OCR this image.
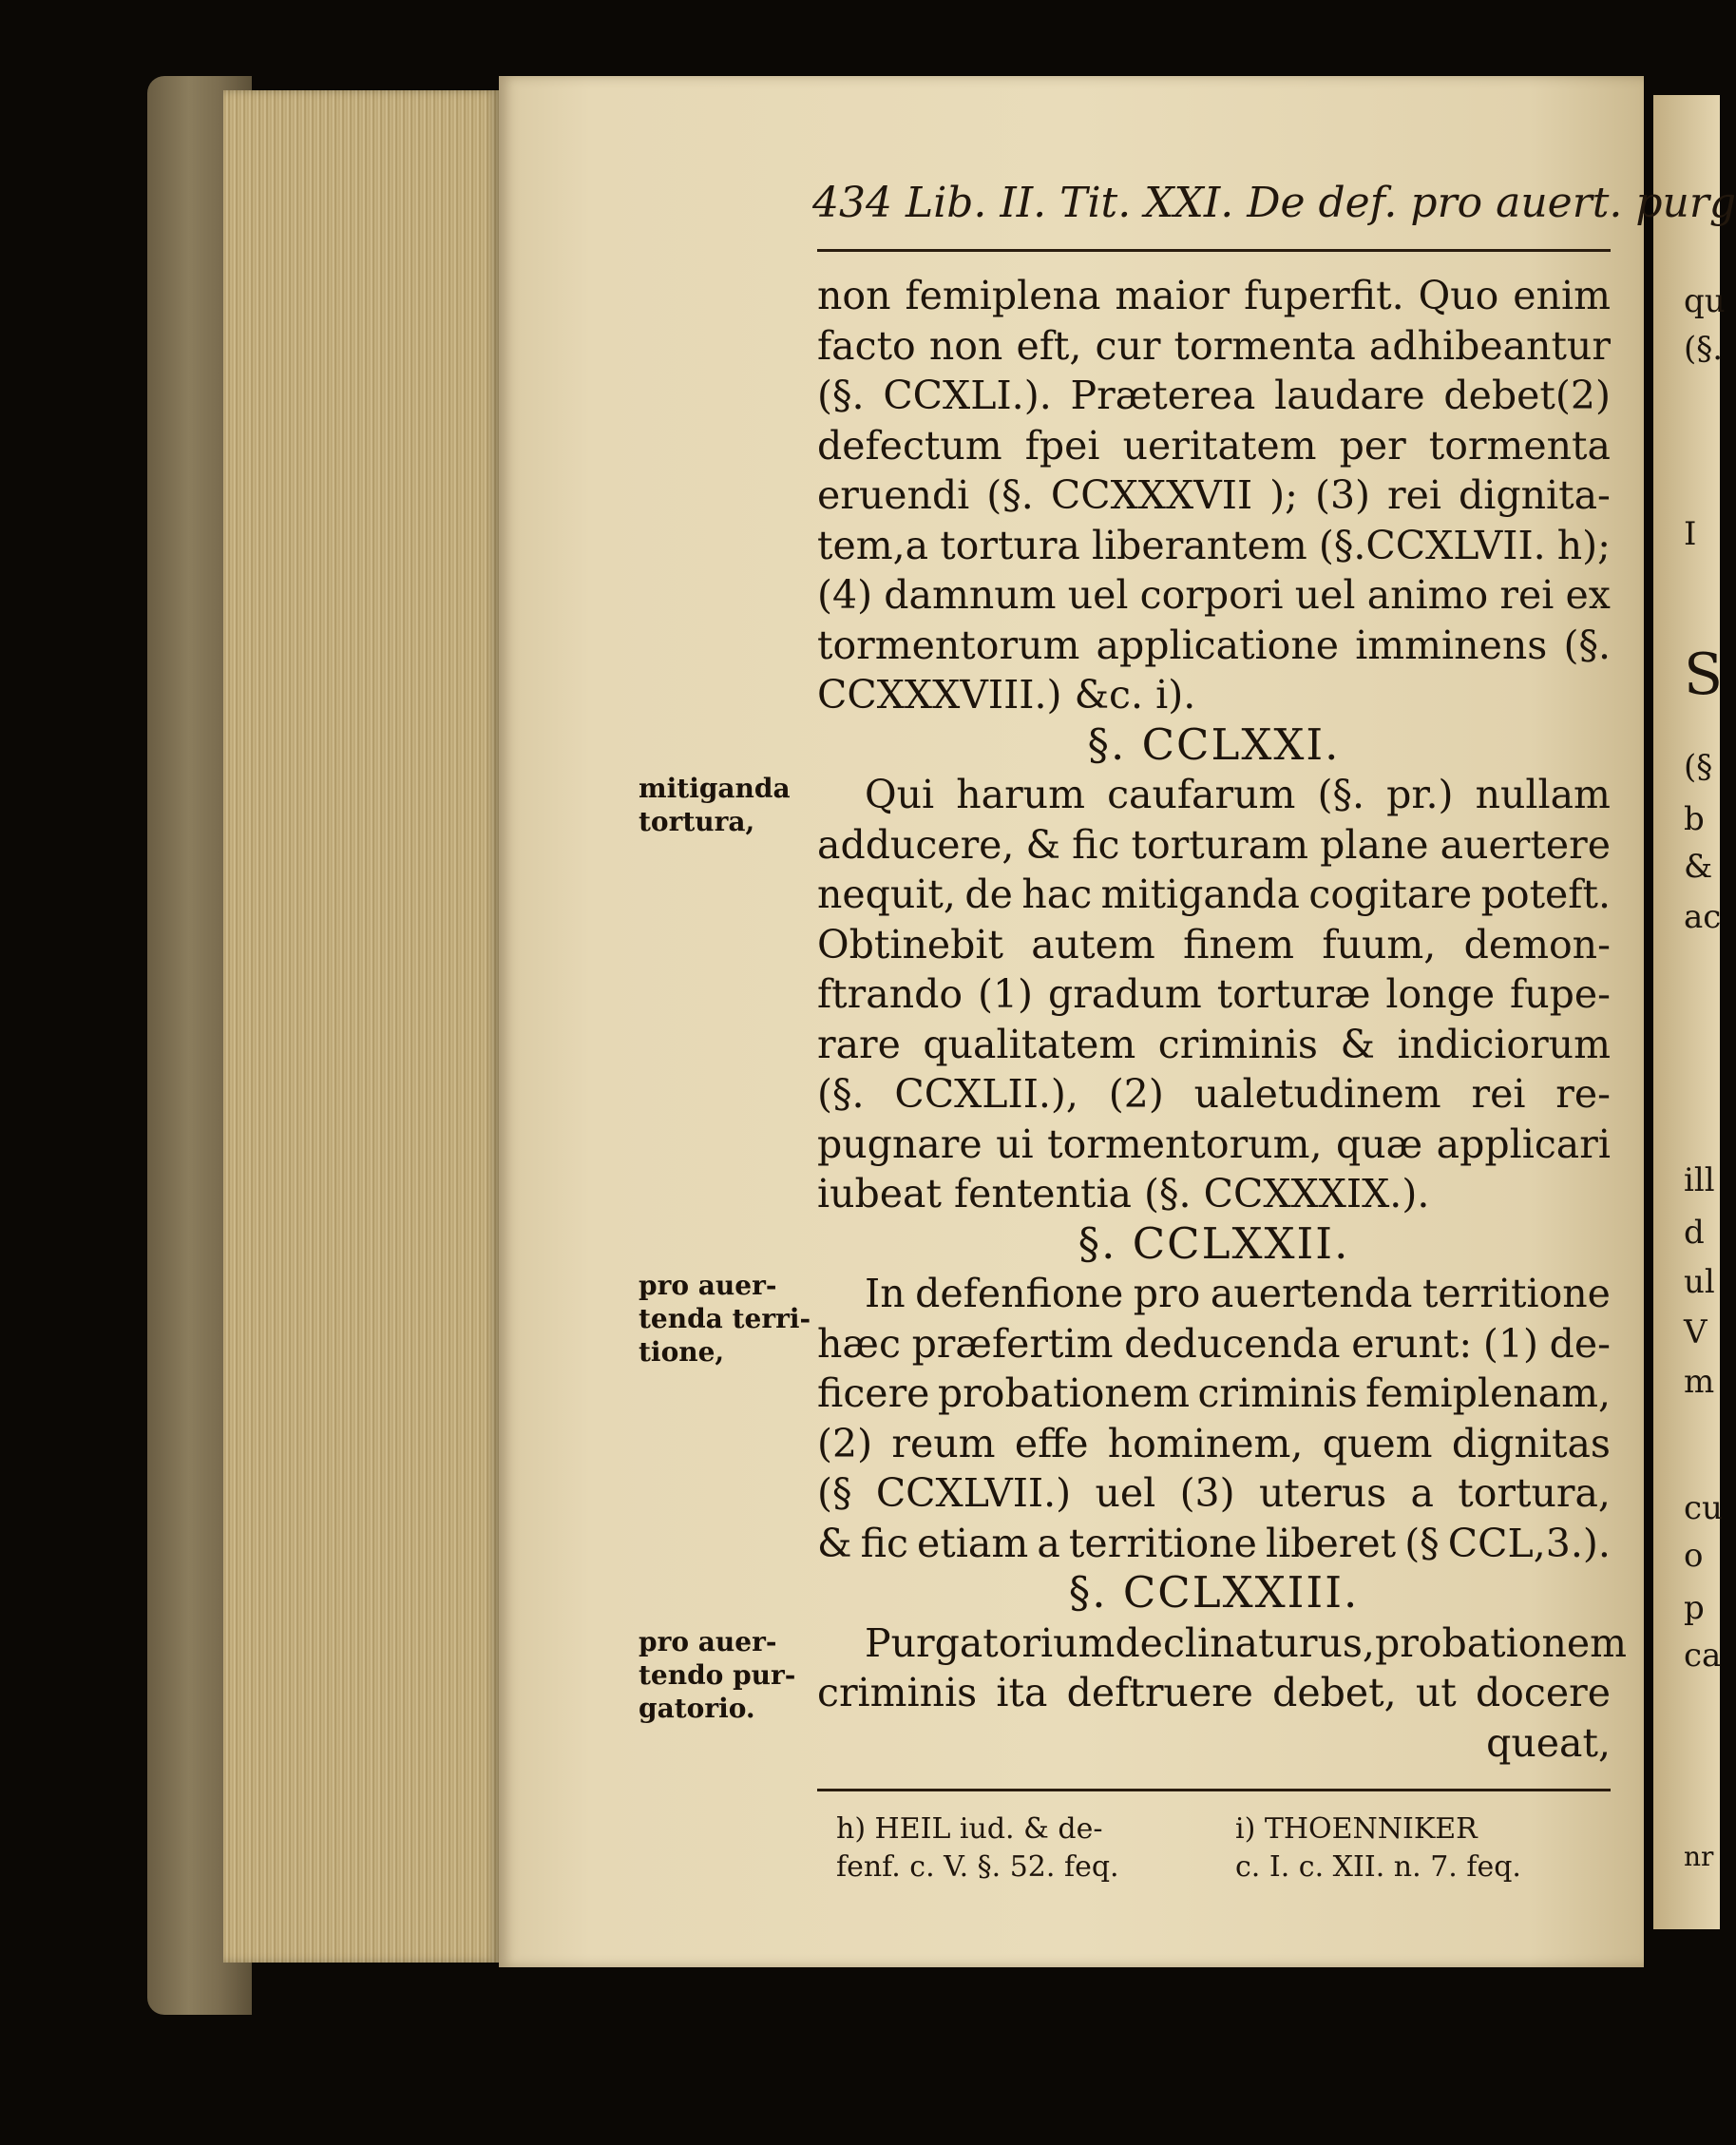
434 Lib. II. Tit. XXI. De def. pro auert. purg
non femiplena maior fuperfit. Quo enim
facto non eft, cur tormenta adhibeantur
(§. CCXLI.). Præterea laudare debet(2)
defectum fpei ueritatem per tormenta
eruendi (§. CCXXXVII ); (3) rei dignita-
tem,a tortura liberantem (§.CCXLVII. h);
(4) damnum uel corpori uel animo rei ex
tormentorum applicatione imminens (§.
CCXXXVIII.) &c. i).
§. CCLXXI.
Qui harum caufarum (§. pr.) nullam
adducere, & fic torturam plane auertere
nequit, de hac mitiganda cogitare poteft.
Obtinebit autem finem fuum, demon-
ftrando (1) gradum torturæ longe fupe-
rare qualitatem criminis & indiciorum
(§. CCXLII.), (2) ualetudinem rei re-
pugnare ui tormentorum, quæ applicari
iubeat fententia (§. CCXXXIX.).
§. CCLXXII.
In defenfione pro auertenda territione
hæc præfertim deducenda erunt: (1) de-
ficere probationem criminis femiplenam,
(2) reum effe hominem, quem dignitas
(§ CCXLVII.) uel (3) uterus a tortura,
& fic etiam a territione liberet (§ CCL,3.).
§. CCLXXIII.
Purgatorium declinaturus, probationem
criminis ita deftruere debet, ut docere
queat,
mitiganda
tortura,
pro auer-
tenda terri-
tione,
pro auer-
tendo pur-
gatorio.
h) HEIL iud. & de-
fenf. c. V. §. 52. feq.
i) THOENNIKER
c. I. c. XII. n. 7. feq.
qu
(§.
I
S
(§
b
&
ac
ill
d
ul
V
m
cu
o
p
ca
nr
